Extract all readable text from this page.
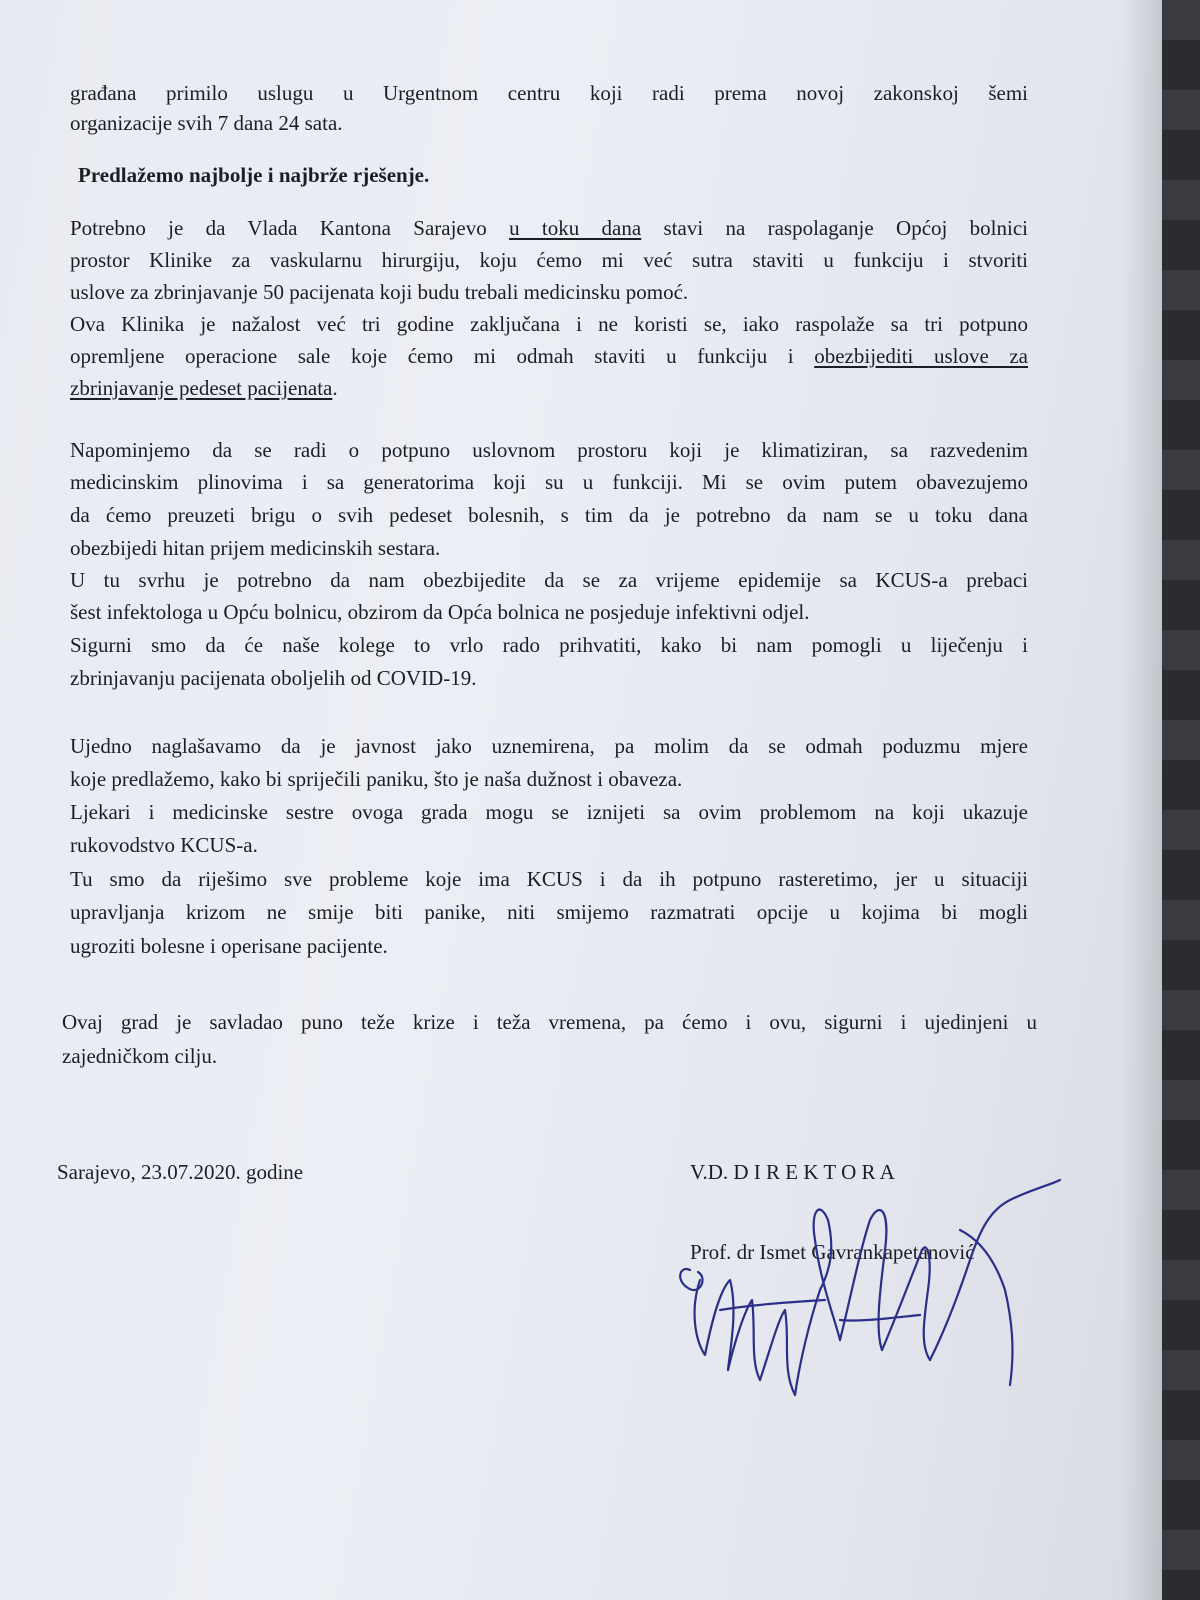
građana primilo uslugu u Urgentnom centru koji radi prema novoj zakonskoj šemi
organizacije svih 7 dana 24 sata.
Predlažemo najbolje i najbrže rješenje.
Potrebno je da Vlada Kantona Sarajevo u toku dana stavi na raspolaganje Općoj bolnici
prostor Klinike za vaskularnu hirurgiju, koju ćemo mi već sutra staviti u funkciju i stvoriti
uslove za zbrinjavanje 50 pacijenata koji budu trebali medicinsku pomoć.
Ova Klinika je nažalost već tri godine zaključana i ne koristi se, iako raspolaže sa tri potpuno
opremljene operacione sale koje ćemo mi odmah staviti u funkciju i obezbijediti uslove za
zbrinjavanje pedeset pacijenata.
Napominjemo da se radi o potpuno uslovnom prostoru koji je klimatiziran, sa razvedenim
medicinskim plinovima i sa generatorima koji su u funkciji. Mi se ovim putem obavezujemo
da ćemo preuzeti brigu o svih pedeset bolesnih, s tim da je potrebno da nam se u toku dana
obezbijedi hitan prijem medicinskih sestara.
U tu svrhu je potrebno da nam obezbijedite da se za vrijeme epidemije sa KCUS-a prebaci
šest infektologa u Opću bolnicu, obzirom da Opća bolnica ne posjeduje infektivni odjel.
Sigurni smo da će naše kolege to vrlo rado prihvatiti, kako bi nam pomogli u liječenju i
zbrinjavanju pacijenata oboljelih od COVID-19.
Ujedno naglašavamo da je javnost jako uznemirena, pa molim da se odmah poduzmu mjere
koje predlažemo, kako bi spriječili paniku, što je naša dužnost i obaveza.
Ljekari i medicinske sestre ovoga grada mogu se iznijeti sa ovim problemom na koji ukazuje
rukovodstvo KCUS-a.
Tu smo da riješimo sve probleme koje ima KCUS i da ih potpuno rasteretimo, jer u situaciji
upravljanja krizom ne smije biti panike, niti smijemo razmatrati opcije u kojima bi mogli
ugroziti bolesne i operisane pacijente.
Ovaj grad je savladao puno teže krize i teža vremena, pa ćemo i ovu, sigurni i ujedinjeni u
zajedničkom cilju.
Sarajevo, 23.07.2020. godine	V.D. D I R E K T O R A
Prof. dr Ismet Gavrankapetanović
